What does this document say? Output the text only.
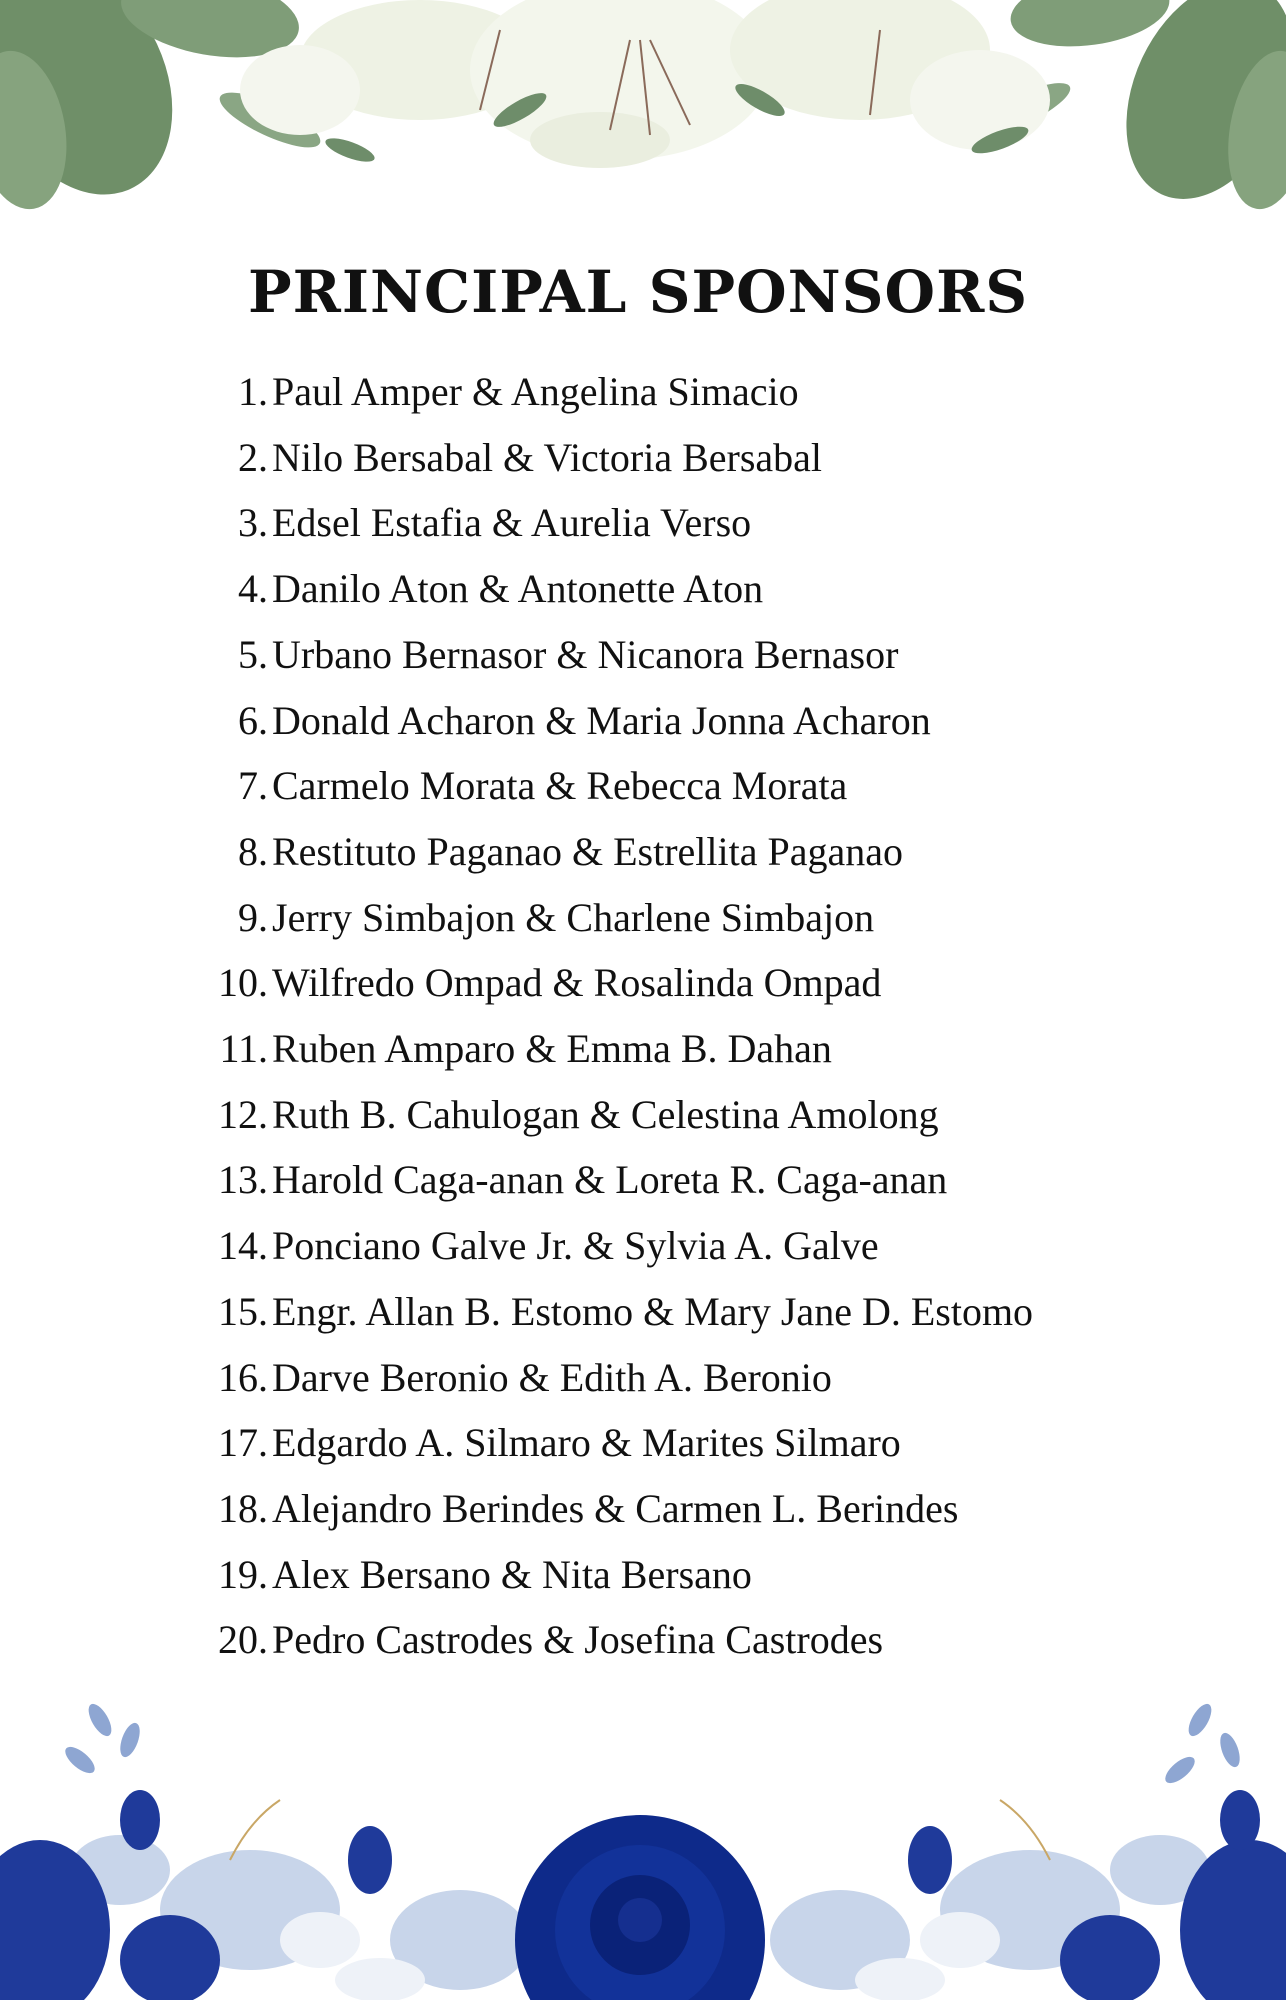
PRINCIPAL SPONSORS
1. Paul Amper & Angelina Simacio
2. Nilo Bersabal & Victoria Bersabal
3. Edsel Estafia & Aurelia Verso
4. Danilo Aton & Antonette Aton
5. Urbano Bernasor & Nicanora Bernasor
6. Donald Acharon & Maria Jonna Acharon
7. Carmelo Morata & Rebecca Morata
8. Restituto Paganao & Estrellita Paganao
9. Jerry Simbajon & Charlene Simbajon
10. Wilfredo Ompad & Rosalinda Ompad
11. Ruben Amparo & Emma B. Dahan
12. Ruth B. Cahulogan & Celestina Amolong
13. Harold Caga-anan & Loreta R. Caga-anan
14. Ponciano Galve Jr. & Sylvia A. Galve
15. Engr. Allan B. Estomo & Mary Jane D. Estomo
16. Darve Beronio & Edith A. Beronio
17. Edgardo A. Silmaro & Marites Silmaro
18. Alejandro Berindes & Carmen L. Berindes
19. Alex Bersano & Nita Bersano
20. Pedro Castrodes & Josefina Castrodes
